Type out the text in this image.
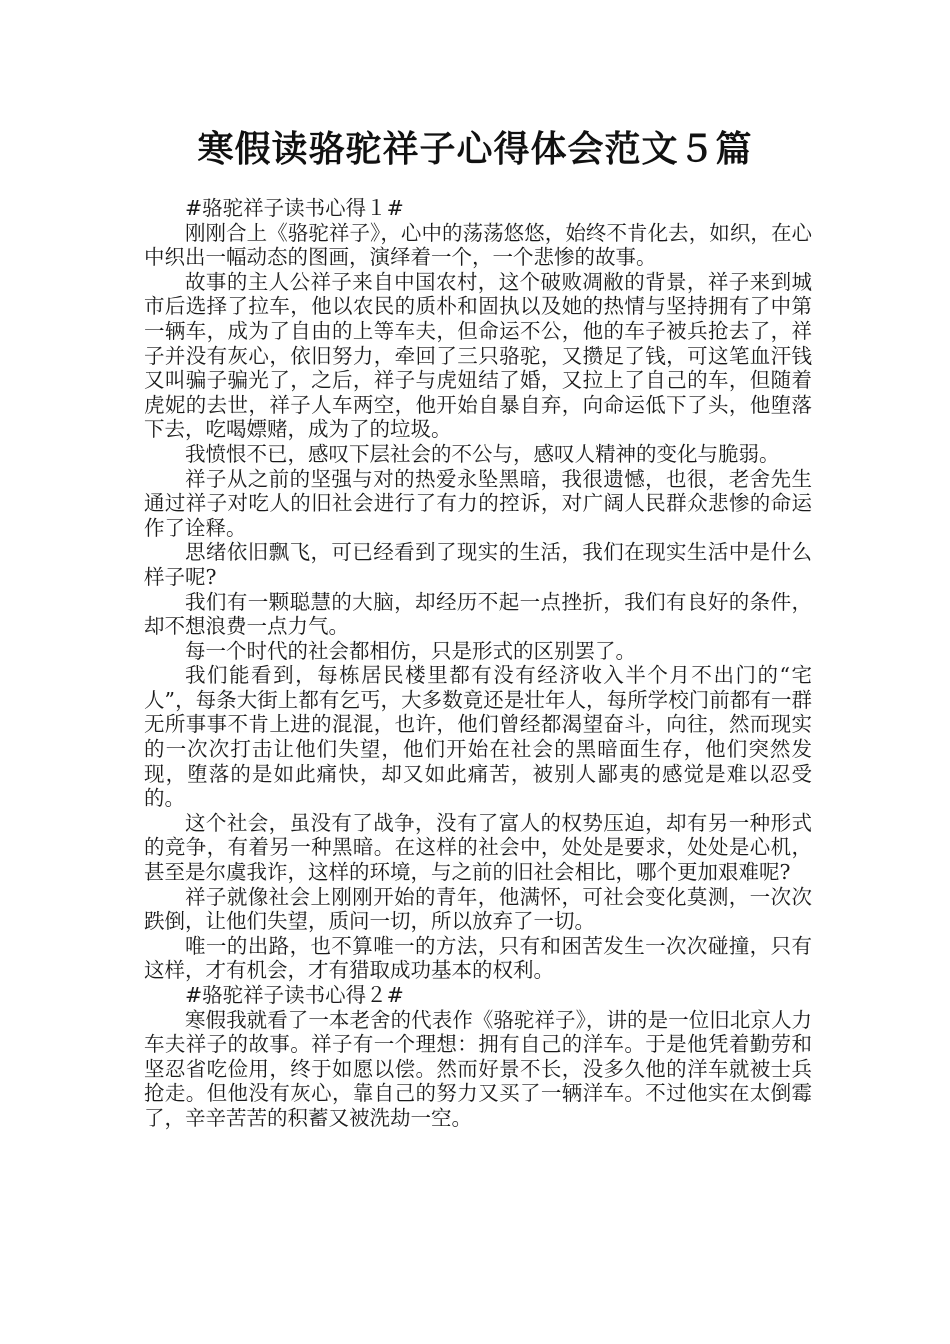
寒假读骆驼祥子心得体会范文５篇

#骆驼祥子读书心得１#

刚刚合上《骆驼祥子》，心中的荡荡悠悠，始终不肯化去，如织，在心中织出一幅动态的图画，演绎着一个，一个悲惨的故事。

故事的主人公祥子来自中国农村，这个破败凋敝的背景，祥子来到城市后选择了拉车，他以农民的质朴和固执以及她的热情与坚持拥有了中第一辆车，成为了自由的上等车夫，但命运不公，他的车子被兵抢去了，祥子并没有灰心，依旧努力，牵回了三只骆驼，又攒足了钱，可这笔血汗钱又叫骗子骗光了，之后，祥子与虎妞结了婚，又拉上了自己的车，但随着虎妮的去世，祥子人车两空，他开始自暴自弃，向命运低下了头，他堕落下去，吃喝嫖赌，成为了的垃圾。

我愤恨不已，感叹下层社会的不公与，感叹人精神的变化与脆弱。

祥子从之前的坚强与对的热爱永坠黑暗，我很遗憾，也很，老舍先生通过祥子对吃人的旧社会进行了有力的控诉，对广阔人民群众悲惨的命运作了诠释。

思绪依旧飘飞，可已经看到了现实的生活，我们在现实生活中是什么样子呢?

我们有一颗聪慧的大脑，却经历不起一点挫折，我们有良好的条件，却不想浪费一点力气。

每一个时代的社会都相仿，只是形式的区别罢了。

我们能看到，每栋居民楼里都有没有经济收入半个月不出门的“宅人”，每条大街上都有乞丐，大多数竟还是壮年人，每所学校门前都有一群无所事事不肯上进的混混，也许，他们曾经都渴望奋斗，向往，然而现实的一次次打击让他们失望，他们开始在社会的黑暗面生存，他们突然发现，堕落的是如此痛快，却又如此痛苦，被别人鄙夷的感觉是难以忍受的。

这个社会，虽没有了战争，没有了富人的权势压迫，却有另一种形式的竞争，有着另一种黑暗。在这样的社会中，处处是要求，处处是心机，甚至是尔虞我诈，这样的环境，与之前的旧社会相比，哪个更加艰难呢?

祥子就像社会上刚刚开始的青年，他满怀，可社会变化莫测，一次次跌倒，让他们失望，质问一切，所以放弃了一切。

唯一的出路，也不算唯一的方法，只有和困苦发生一次次碰撞，只有这样，才有机会，才有猎取成功基本的权利。

#骆驼祥子读书心得２#

寒假我就看了一本老舍的代表作《骆驼祥子》，讲的是一位旧北京人力车夫祥子的故事。祥子有一个理想：拥有自己的洋车。于是他凭着勤劳和坚忍省吃俭用，终于如愿以偿。然而好景不长，没多久他的洋车就被士兵抢走。但他没有灰心，靠自己的努力又买了一辆洋车。不过他实在太倒霉了，辛辛苦苦的积蓄又被洗劫一空。
